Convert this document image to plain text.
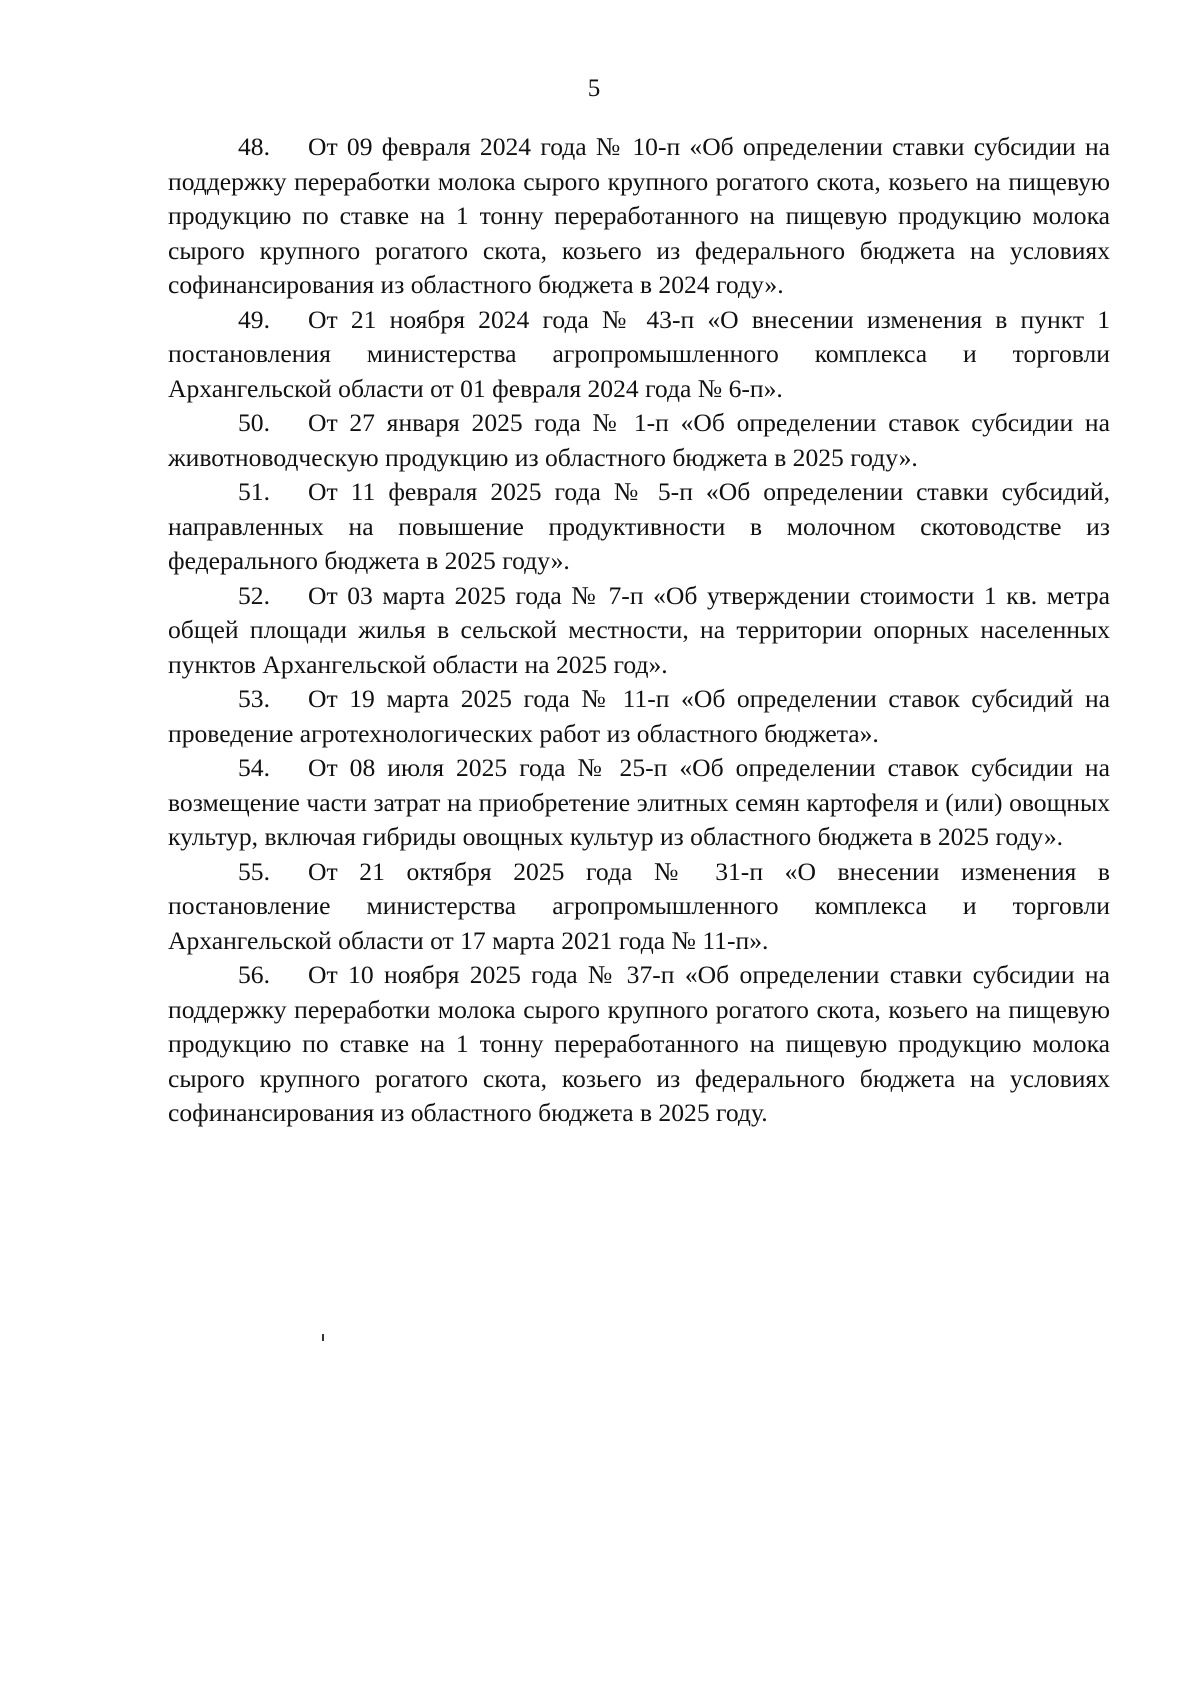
5

48. От 09 февраля 2024 года № 10-п «Об определении ставки субсидии на поддержку переработки молока сырого крупного рогатого скота, козьего на пищевую продукцию по ставке на 1 тонну переработанного на пищевую продукцию молока сырого крупного рогатого скота, козьего из федерального бюджета на условиях софинансирования из областного бюджета в 2024 году».

49. От 21 ноября 2024 года № 43-п «О внесении изменения в пункт 1 постановления министерства агропромышленного комплекса и торговли Архангельской области от 01 февраля 2024 года № 6-п».

50. От 27 января 2025 года № 1-п «Об определении ставок субсидии на животноводческую продукцию из областного бюджета в 2025 году».

51. От 11 февраля 2025 года № 5-п «Об определении ставки субсидий, направленных на повышение продуктивности в молочном скотоводстве из федерального бюджета в 2025 году».

52. От 03 марта 2025 года № 7-п «Об утверждении стоимости 1 кв. метра общей площади жилья в сельской местности, на территории опорных населенных пунктов Архангельской области на 2025 год».

53. От 19 марта 2025 года № 11-п «Об определении ставок субсидий на проведение агротехнологических работ из областного бюджета».

54. От 08 июля 2025 года № 25-п «Об определении ставок субсидии на возмещение части затрат на приобретение элитных семян картофеля и (или) овощных культур, включая гибриды овощных культур из областного бюджета в 2025 году».

55. От 21 октября 2025 года № 31-п «О внесении изменения в постановление министерства агропромышленного комплекса и торговли Архангельской области от 17 марта 2021 года № 11-п».

56. От 10 ноября 2025 года № 37-п «Об определении ставки субсидии на поддержку переработки молока сырого крупного рогатого скота, козьего на пищевую продукцию по ставке на 1 тонну переработанного на пищевую продукцию молока сырого крупного рогатого скота, козьего из федерального бюджета на условиях софинансирования из областного бюджета в 2025 году.
